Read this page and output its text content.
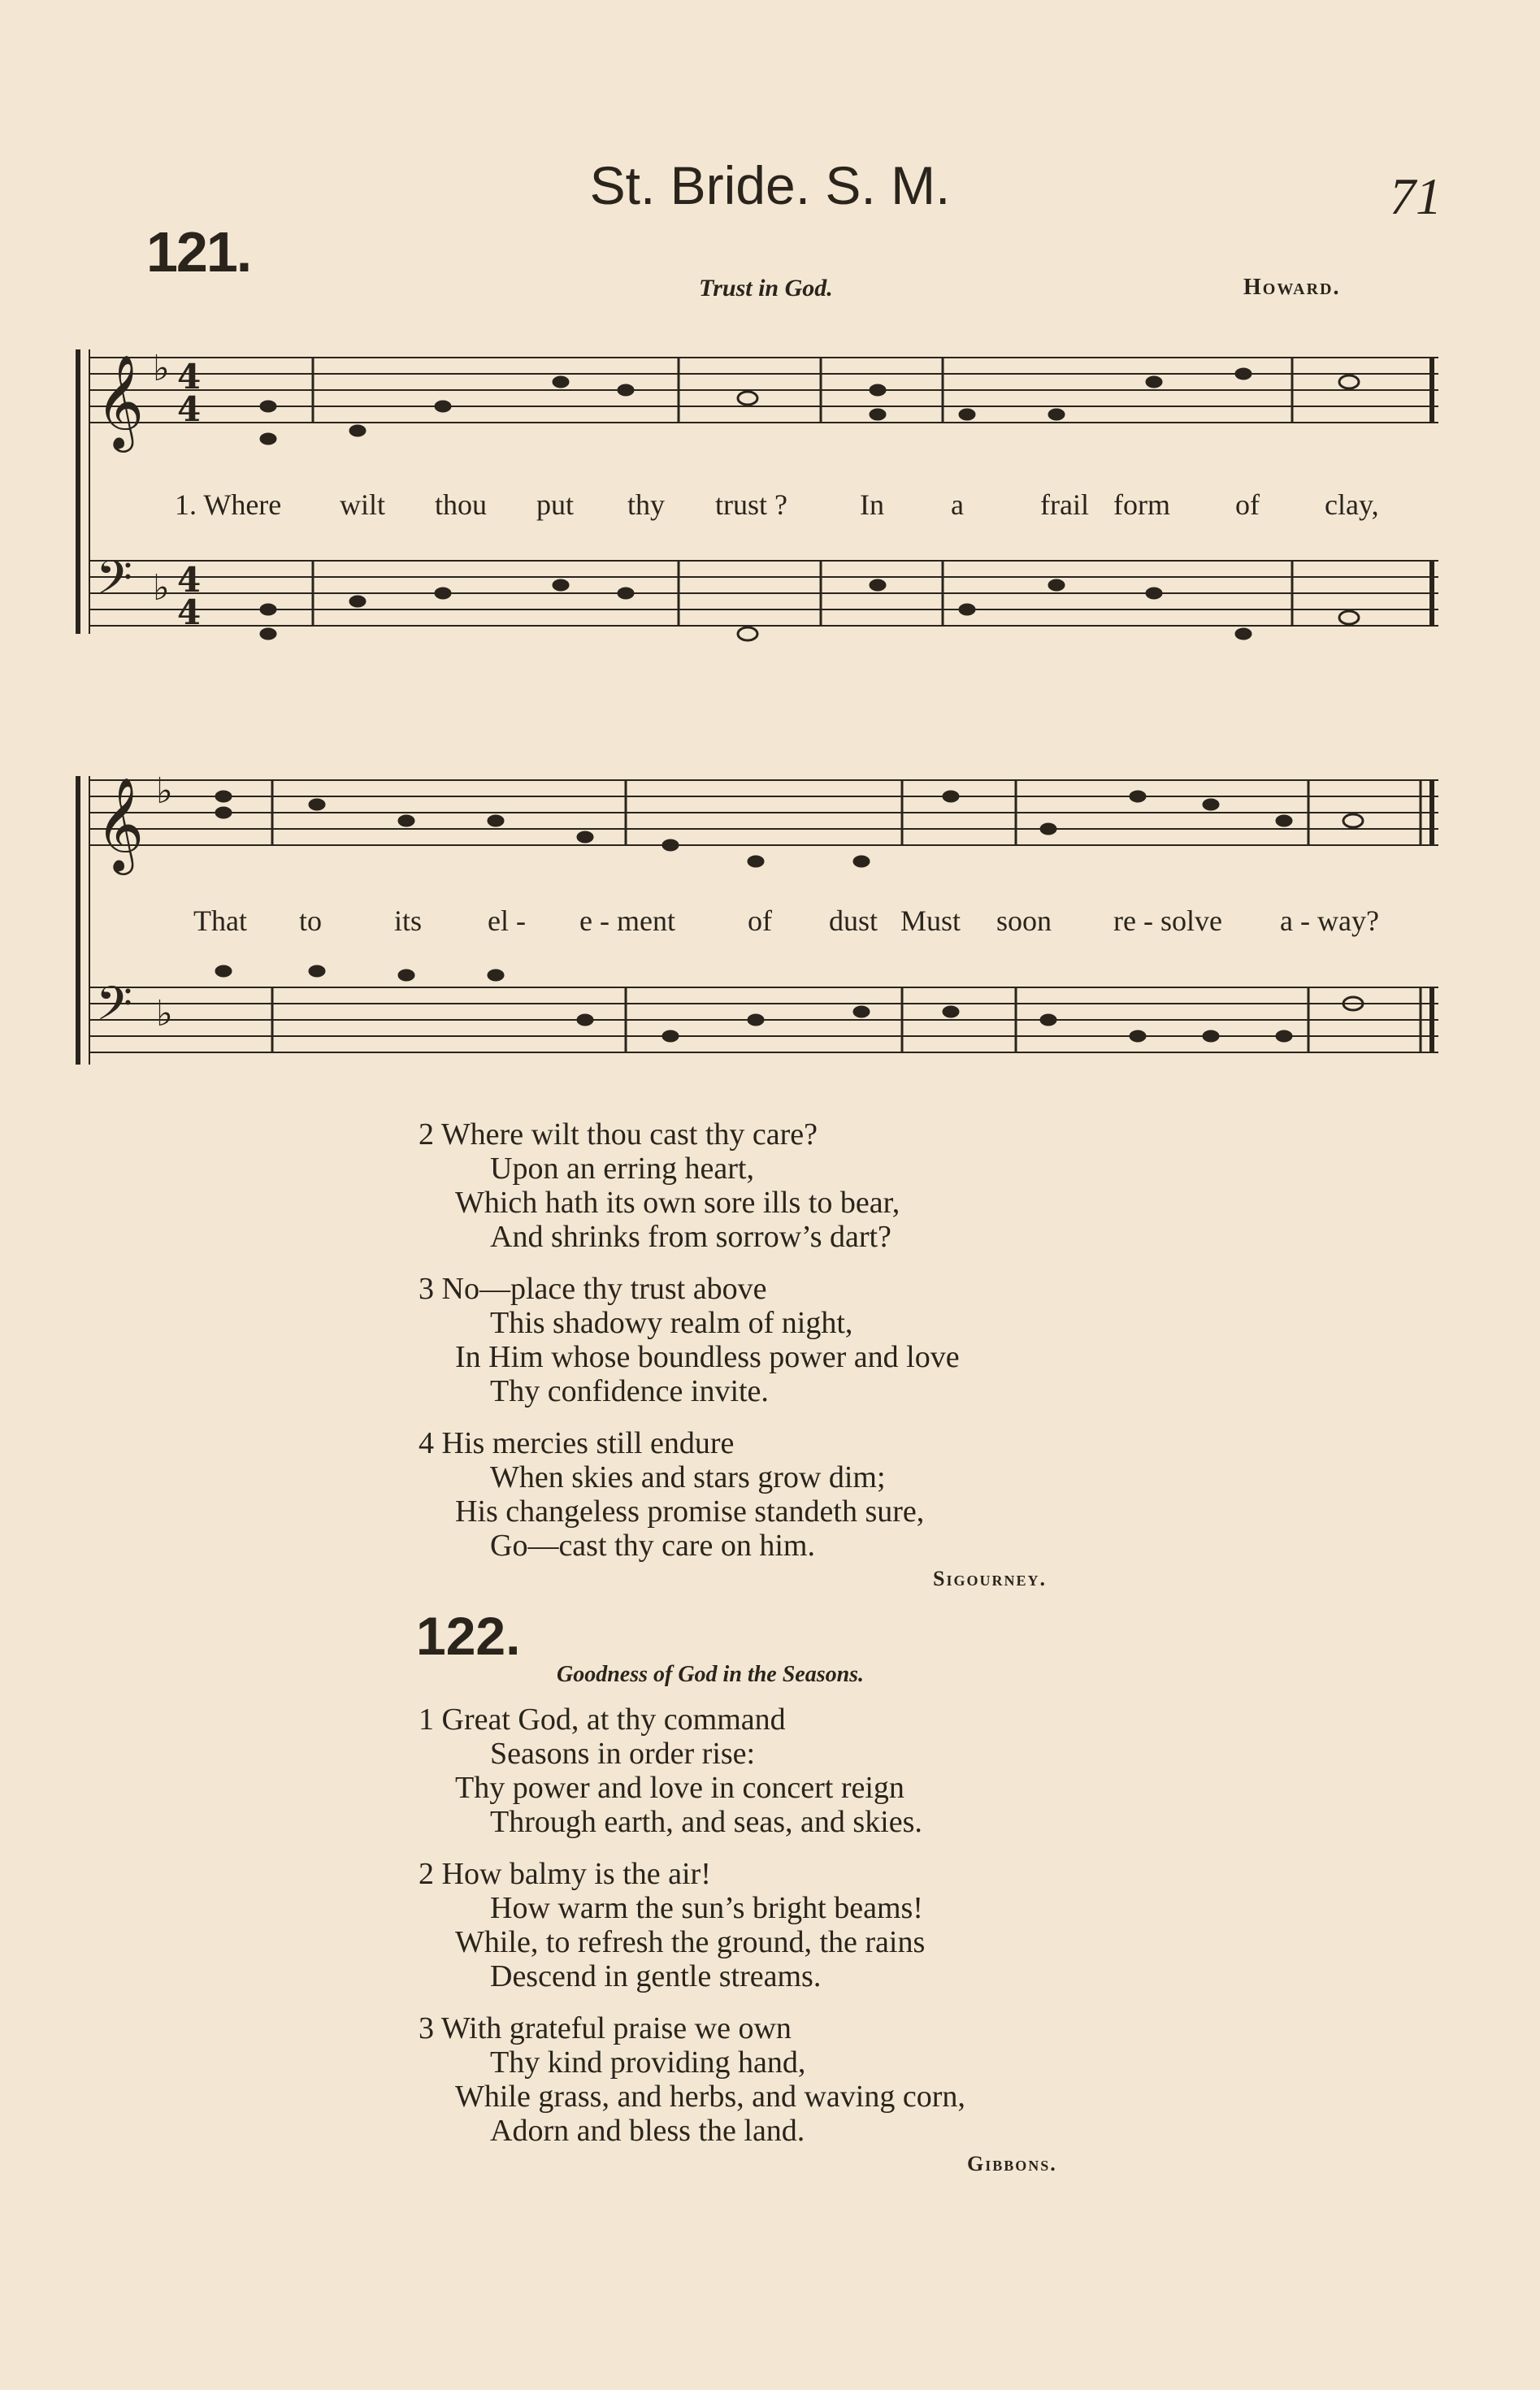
71
St. Bride. S. M.
121.
Trust in God.	Howard.
𝄞 ♭ 4
4
𝄢 ♭ 4
4
𝄞 ♭
𝄢 ♭
1. Where wilt thou put thy trust ? In a	frail form of clay,
That to its el - e - ment of dust Must soon re - solve a - way?
2 Where wilt thou cast thy care?
Upon an erring heart,
Which hath its own sore ills to bear,
And shrinks from sorrow’s dart?
3 No—place thy trust above
This shadowy realm of night,
In Him whose boundless power and love
Thy confidence invite.
4 His mercies still endure
When skies and stars grow dim;
His changeless promise standeth sure,
Go—cast thy care on him.
Sigourney.
122.
Goodness of God in the Seasons.
1 Great God, at thy command
Seasons in order rise:
Thy power and love in concert reign
Through earth, and seas, and skies.
2 How balmy is the air!
How warm the sun’s bright beams!
While, to refresh the ground, the rains
Descend in gentle streams.
3 With grateful praise we own
Thy kind providing hand,
While grass, and herbs, and waving corn,
Adorn and bless the land.
Gibbons.
